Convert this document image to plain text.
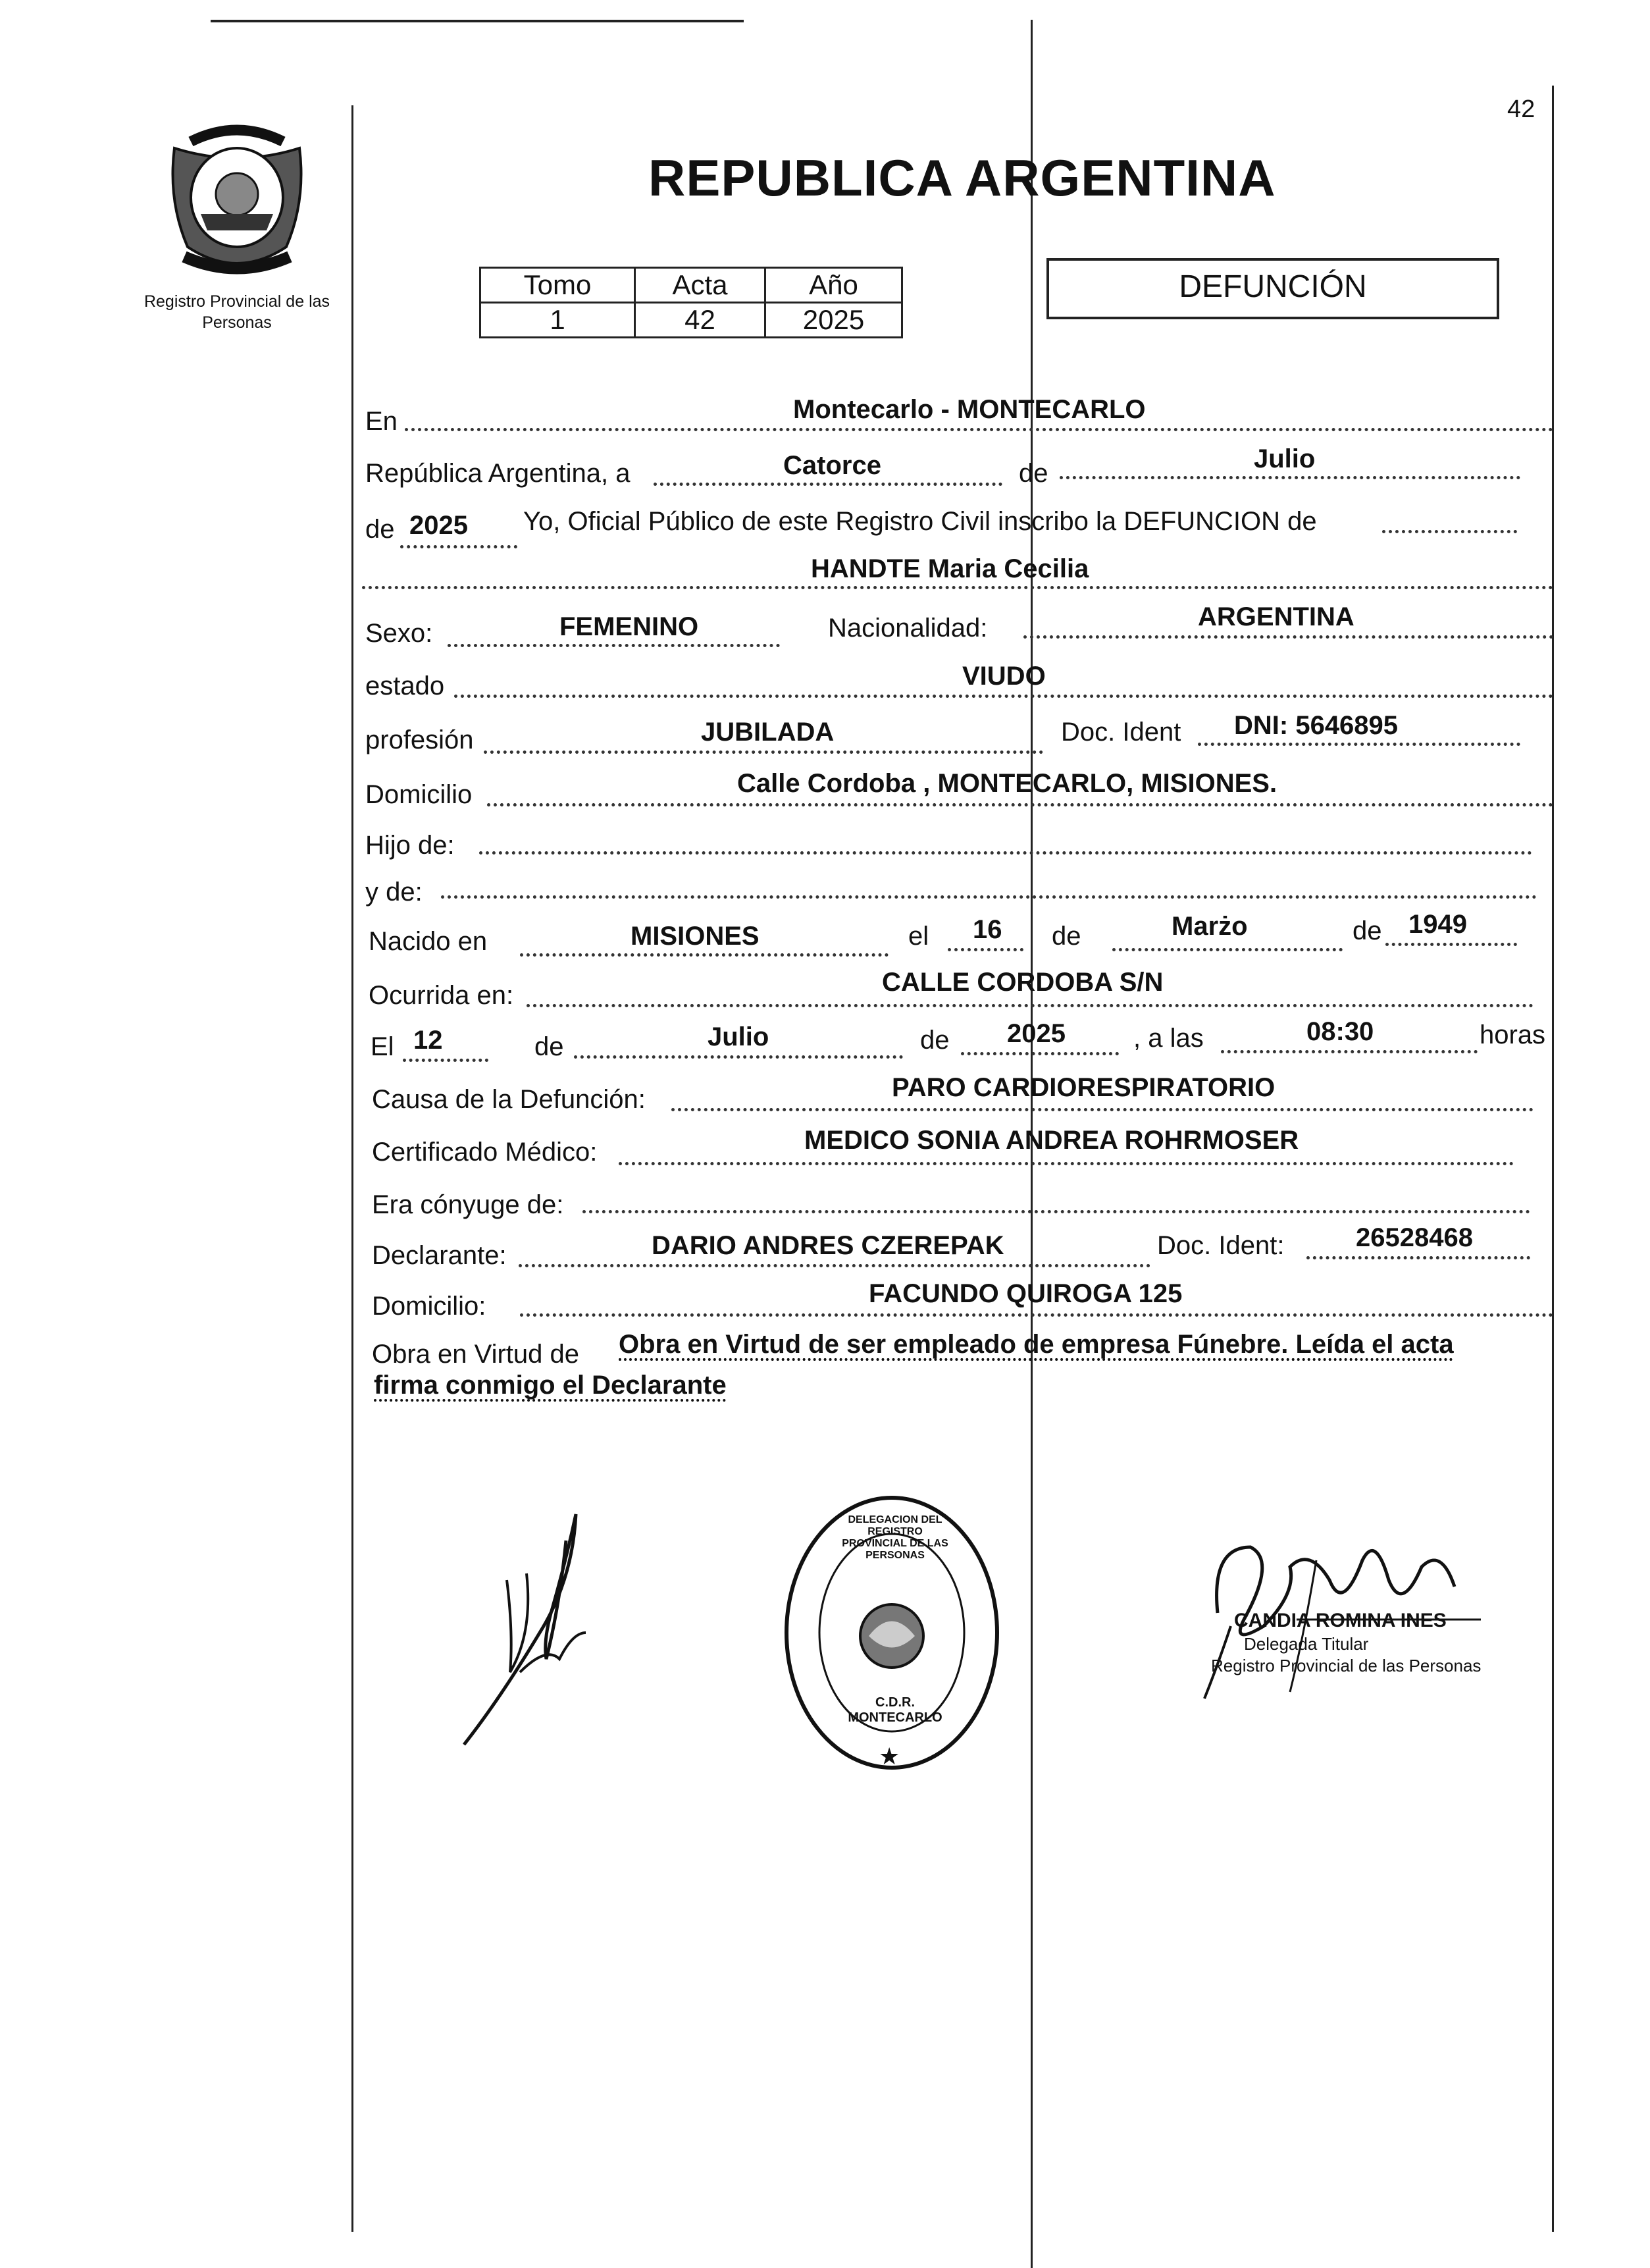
42
Registro Provincial de las Personas
REPUBLICA ARGENTINA
Tomo	Acta	Año
1	42	2025
DEFUNCIÓN
En	Montecarlo - MONTECARLO
República Argentina, a	Catorce	de	Julio
de 2025 Yo, Oficial Público de este Registro Civil inscribo la DEFUNCION de
HANDTE Maria Cecilia
Sexo:	FEMENINO	Nacionalidad:	ARGENTINA
estado	VIUDO
profesión	JUBILADA	Doc. Ident DNI: 5646895
Domicilio	Calle Cordoba , MONTECARLO, MISIONES.
Hijo de:
y de:
Nacido en	MISIONES	el 16 de	Marżo	de 1949
Ocurrida en:	CALLE CORDOBA S/N
El 12	de	Julio	de 2025	, a las	08:30	horas
Causa de la Defunción:	PARO CARDIORESPIRATORIO
Certificado Médico:	MEDICO SONIA ANDREA ROHRMOSER
Era cónyuge de:
Declarante:	DARIO ANDRES CZEREPAK	Doc. Ident:	26528468
Domicilio:	FACUNDO QUIROGA 125
Obra en Virtud de Obra en Virtud de ser empleado de empresa Fúnebre. Leída el acta
firma conmigo el Declarante
★
DELEGACION DEL REGISTRO PROVINCIAL DE LAS PERSONAS
C.D.R. MONTECARLO
CANDIA ROMINA INES
Delegada Titular
Registro Provincial de las Personas
